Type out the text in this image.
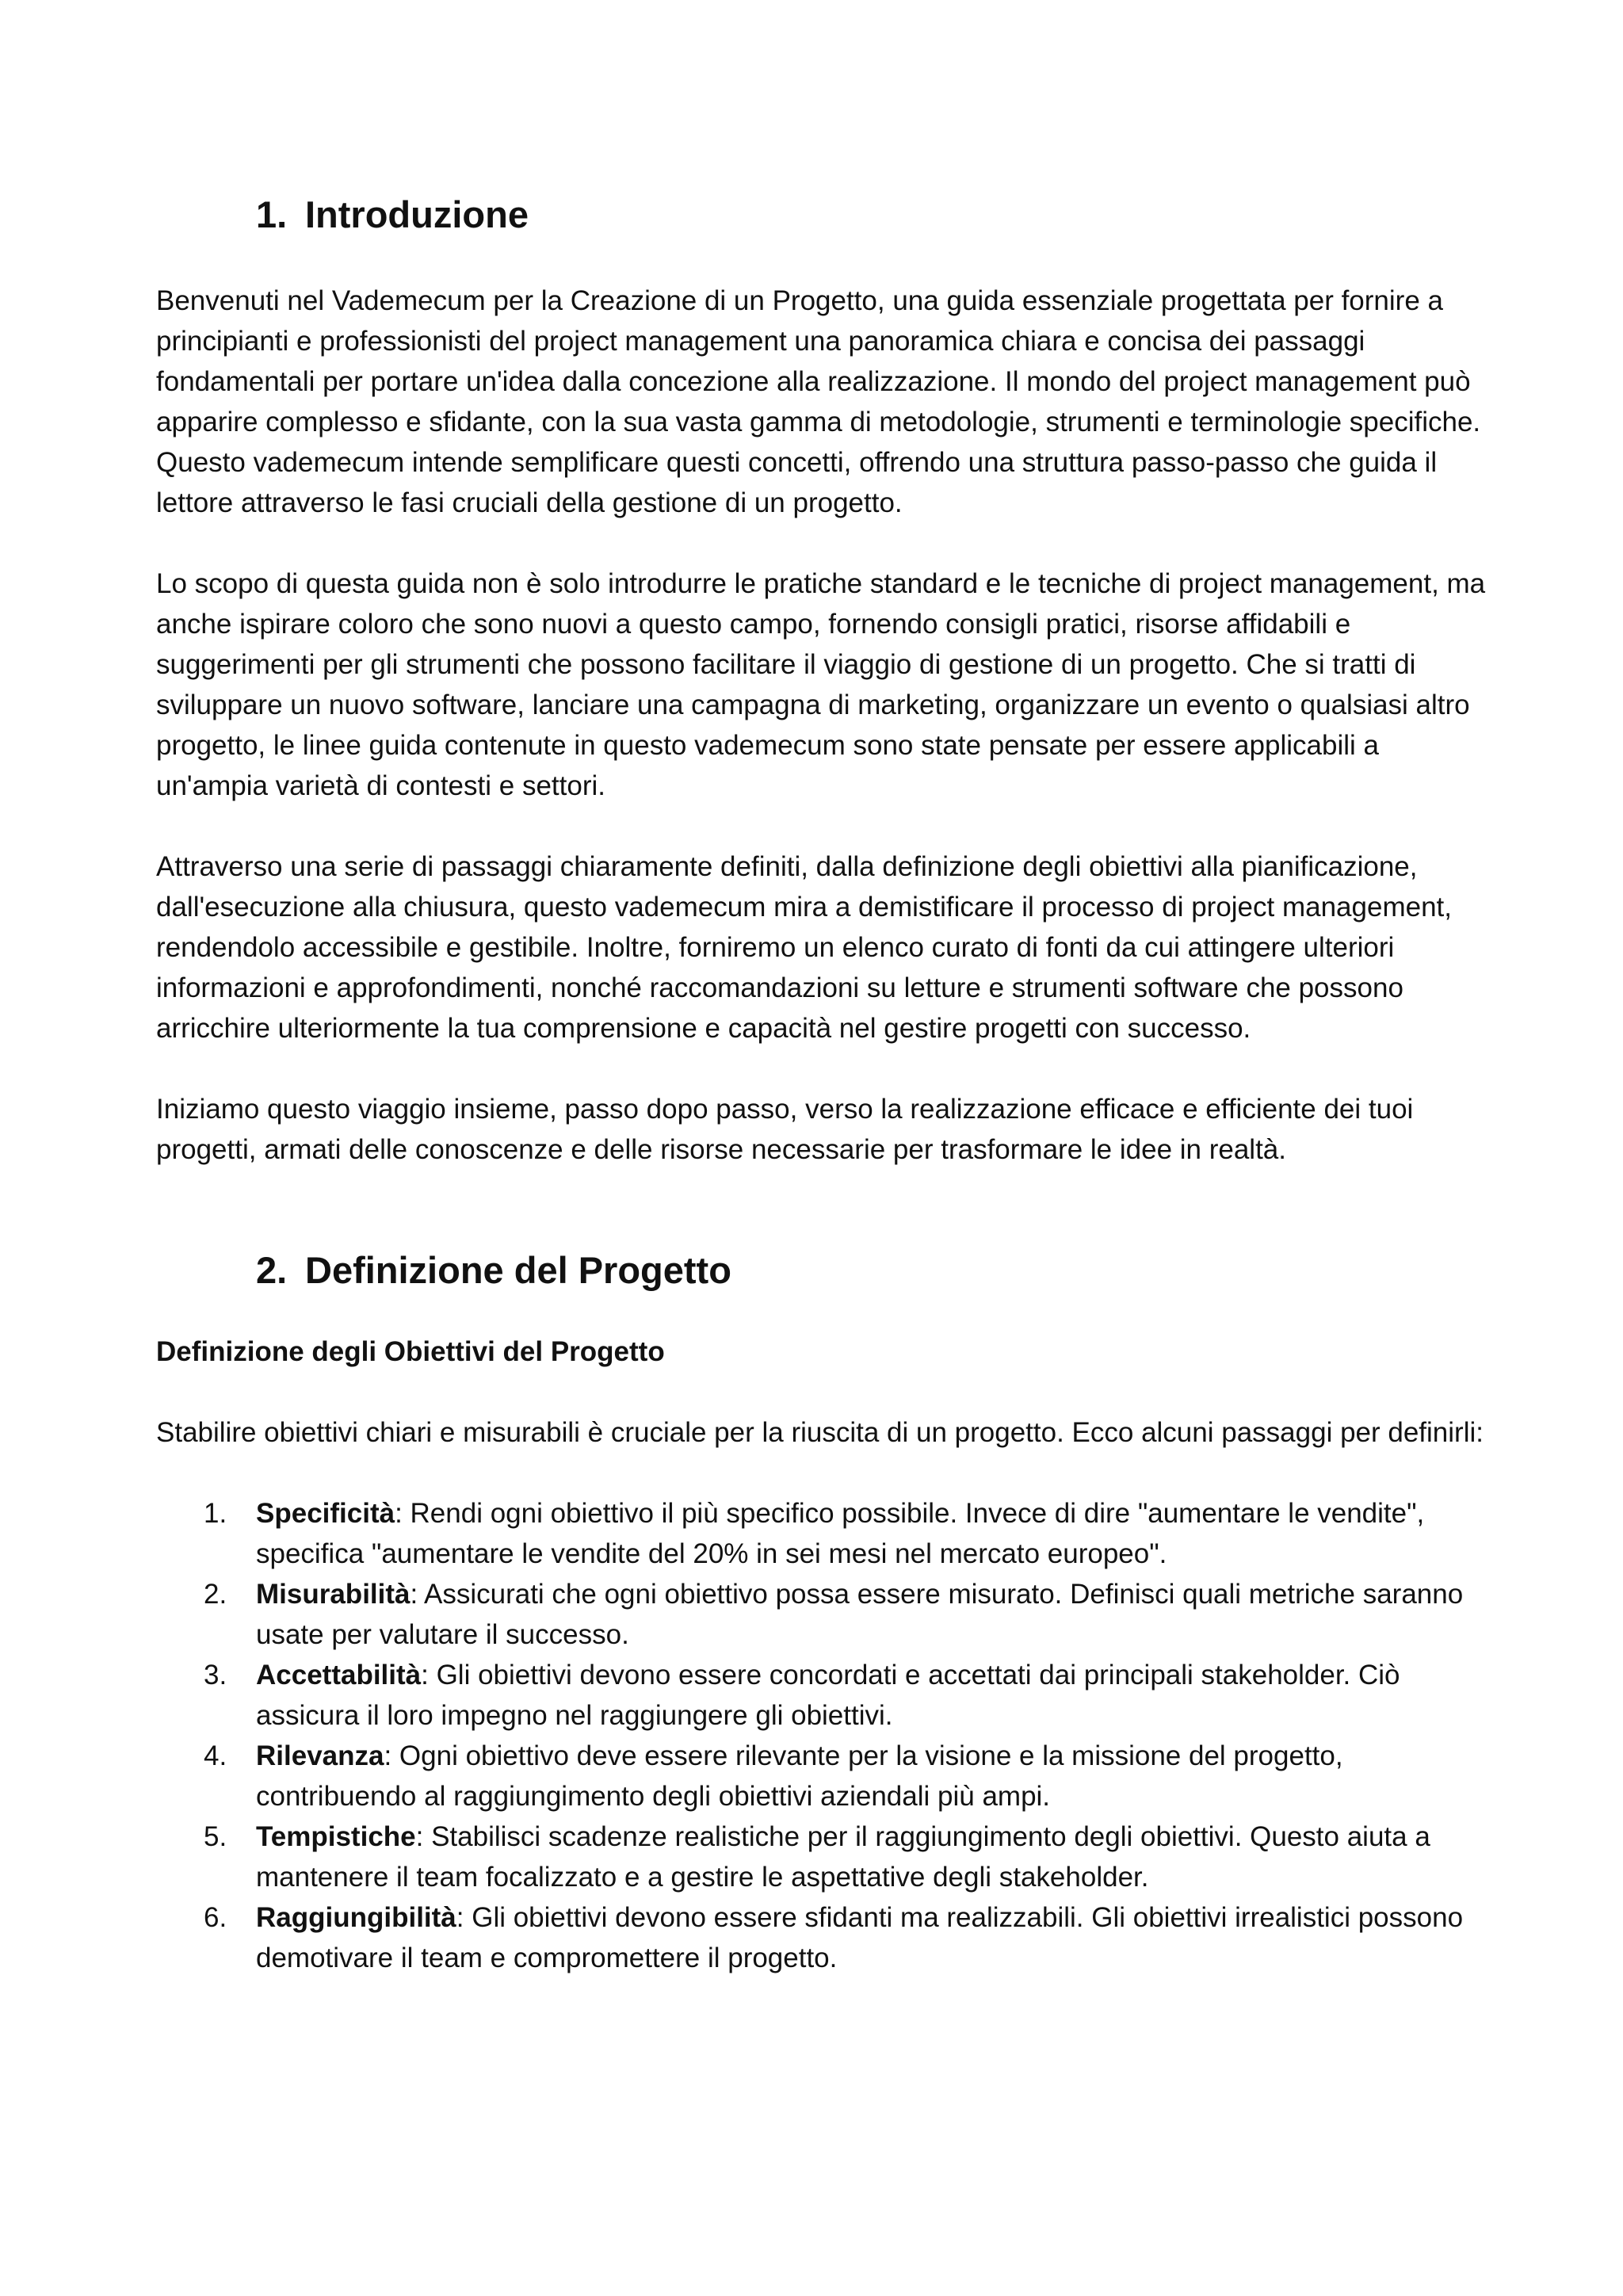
1. Introduzione

Benvenuti nel Vademecum per la Creazione di un Progetto, una guida essenziale progettata per fornire a principianti e professionisti del project management una panoramica chiara e concisa dei passaggi fondamentali per portare un'idea dalla concezione alla realizzazione. Il mondo del project management può apparire complesso e sfidante, con la sua vasta gamma di metodologie, strumenti e terminologie specifiche. Questo vademecum intende semplificare questi concetti, offrendo una struttura passo-passo che guida il lettore attraverso le fasi cruciali della gestione di un progetto.

Lo scopo di questa guida non è solo introdurre le pratiche standard e le tecniche di project management, ma anche ispirare coloro che sono nuovi a questo campo, fornendo consigli pratici, risorse affidabili e suggerimenti per gli strumenti che possono facilitare il viaggio di gestione di un progetto. Che si tratti di sviluppare un nuovo software, lanciare una campagna di marketing, organizzare un evento o qualsiasi altro progetto, le linee guida contenute in questo vademecum sono state pensate per essere applicabili a un'ampia varietà di contesti e settori.

Attraverso una serie di passaggi chiaramente definiti, dalla definizione degli obiettivi alla pianificazione, dall'esecuzione alla chiusura, questo vademecum mira a demistificare il processo di project management, rendendolo accessibile e gestibile. Inoltre, forniremo un elenco curato di fonti da cui attingere ulteriori informazioni e approfondimenti, nonché raccomandazioni su letture e strumenti software che possono arricchire ulteriormente la tua comprensione e capacità nel gestire progetti con successo.

Iniziamo questo viaggio insieme, passo dopo passo, verso la realizzazione efficace e efficiente dei tuoi progetti, armati delle conoscenze e delle risorse necessarie per trasformare le idee in realtà.

2. Definizione del Progetto

Definizione degli Obiettivi del Progetto

Stabilire obiettivi chiari e misurabili è cruciale per la riuscita di un progetto. Ecco alcuni passaggi per definirli:

1.	Specificità: Rendi ogni obiettivo il più specifico possibile. Invece di dire "aumentare le vendite", specifica "aumentare le vendite del 20% in sei mesi nel mercato europeo".
2.	Misurabilità: Assicurati che ogni obiettivo possa essere misurato. Definisci quali metriche saranno usate per valutare il successo.
3.	Accettabilità: Gli obiettivi devono essere concordati e accettati dai principali stakeholder. Ciò assicura il loro impegno nel raggiungere gli obiettivi.
4.	Rilevanza: Ogni obiettivo deve essere rilevante per la visione e la missione del progetto, contribuendo al raggiungimento degli obiettivi aziendali più ampi.
5.	Tempistiche: Stabilisci scadenze realistiche per il raggiungimento degli obiettivi. Questo aiuta a mantenere il team focalizzato e a gestire le aspettative degli stakeholder.
6.	Raggiungibilità: Gli obiettivi devono essere sfidanti ma realizzabili. Gli obiettivi irrealistici possono demotivare il team e compromettere il progetto.
